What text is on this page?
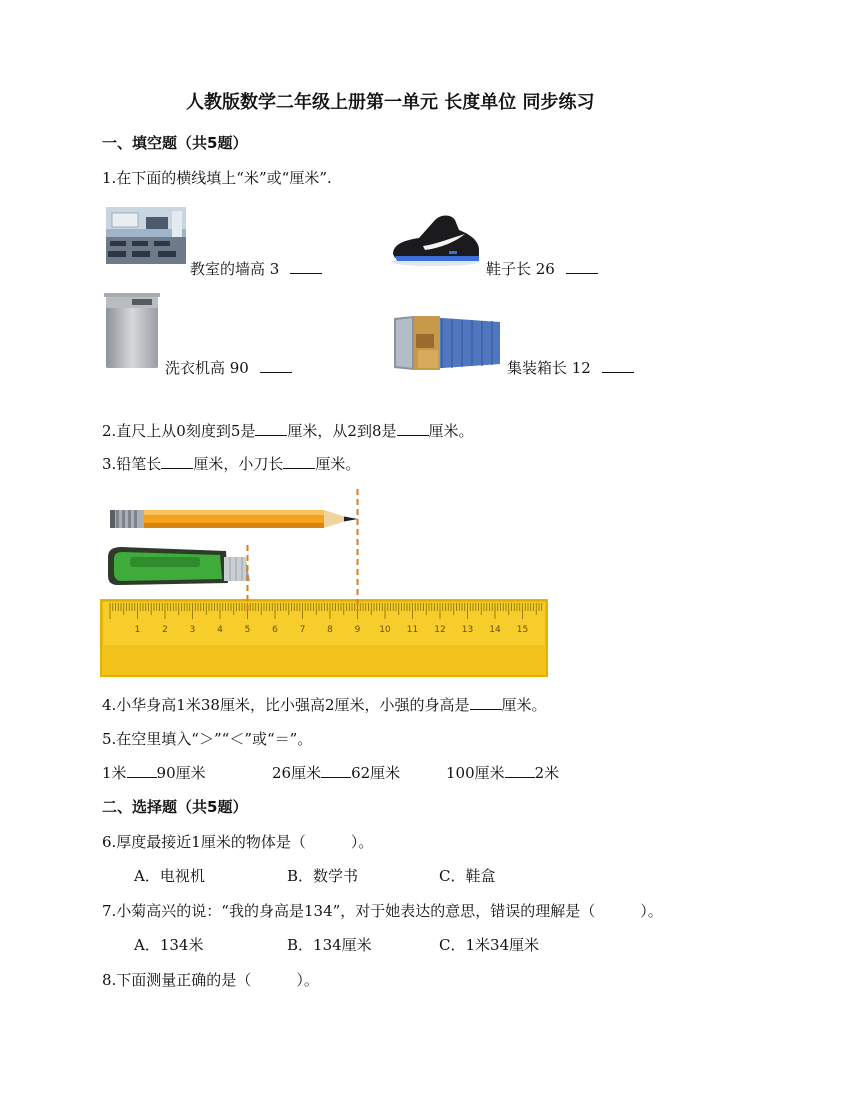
人教版数学二年级上册第一单元 长度单位 同步练习
一、填空题（共5题）
1.在下面的横线填上“米”或“厘米”.
教室的墙高 3	鞋子长 26
洗衣机高 90	集装箱长 12
2.直尺上从0刻度到5是 厘米，从2到8是 厘米。
3.铅笔长 厘米，小刀长 厘米。
1 2 3 4 5 6 7 8 9 10 11 12 13 14 15
4.小华身高1米38厘米，比小强高2厘米，小强的身高是 厘米。
5.在空里填入“＞”“＜”或“＝”。
1米 90厘米	26厘米 62厘米	100厘米 2米
二、选择题（共5题）
6.厚度最接近1厘米的物体是（　　　）。
A．电视机	B．数学书	C．鞋盒
7.小菊高兴的说：“我的身高是134”，对于她表达的意思，错误的理解是（　　　）。
A．134米	B．134厘米	C．1米34厘米
8.下面测量正确的是（　　　）。
